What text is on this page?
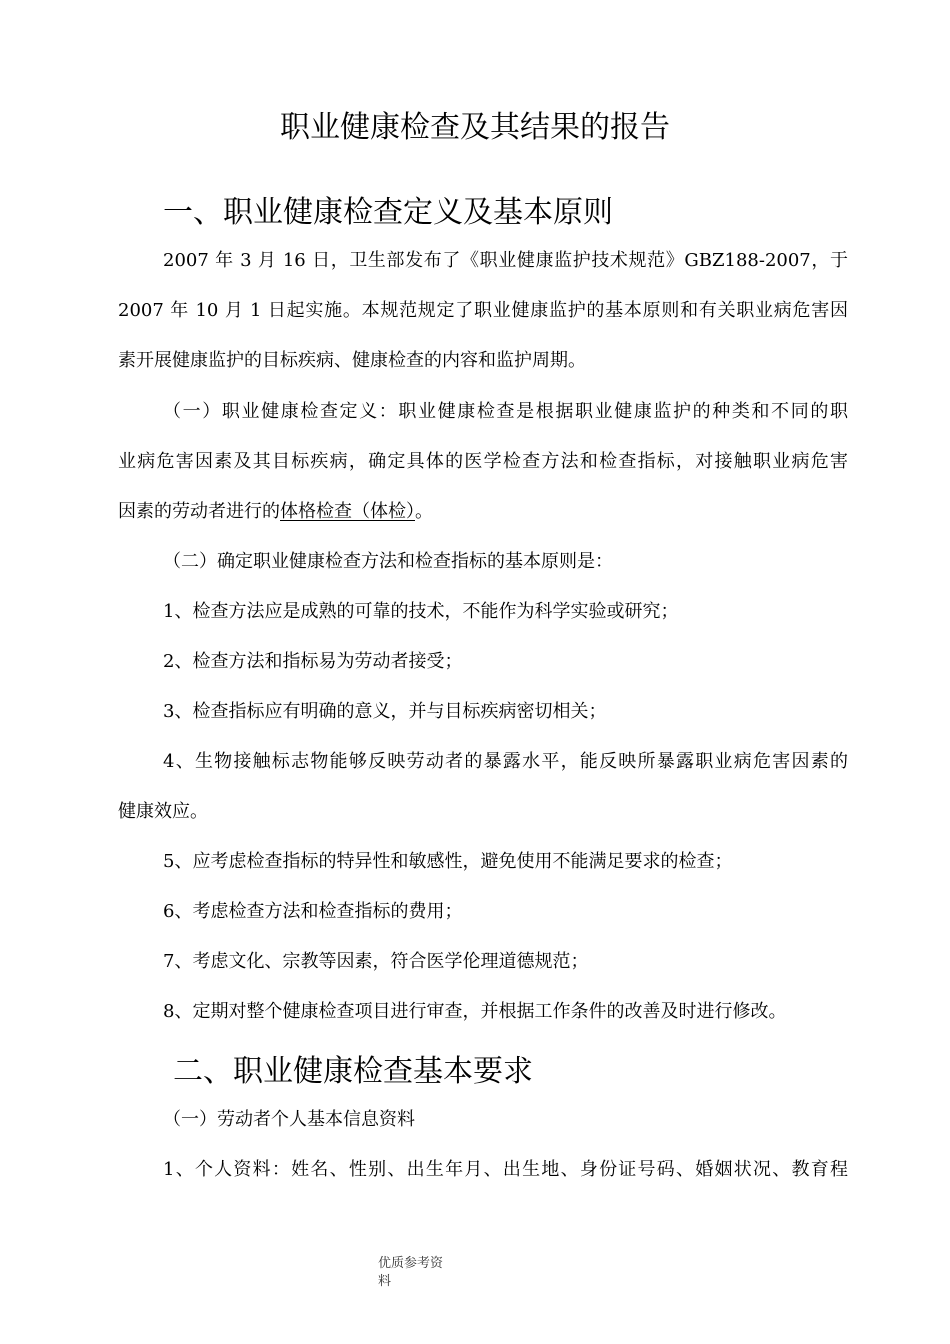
职业健康检查及其结果的报告
一、职业健康检查定义及基本原则
2007 年 3 月 16 日，卫生部发布了《职业健康监护技术规范》GBZ188-2007，于
2007 年 10 月 1 日起实施。本规范规定了职业健康监护的基本原则和有关职业病危害因
素开展健康监护的目标疾病、健康检查的内容和监护周期。
（一）职业健康检查定义：职业健康检查是根据职业健康监护的种类和不同的职
业病危害因素及其目标疾病，确定具体的医学检查方法和检查指标，对接触职业病危害
因素的劳动者进行的体格检查（体检）。
（二）确定职业健康检查方法和检查指标的基本原则是：
1、检查方法应是成熟的可靠的技术，不能作为科学实验或研究；
2、检查方法和指标易为劳动者接受；
3、检查指标应有明确的意义，并与目标疾病密切相关；
4、生物接触标志物能够反映劳动者的暴露水平，能反映所暴露职业病危害因素的
健康效应。
5、应考虑检查指标的特异性和敏感性，避免使用不能满足要求的检查；
6、考虑检查方法和检查指标的费用；
7、考虑文化、宗教等因素，符合医学伦理道德规范；
8、定期对整个健康检查项目进行审查，并根据工作条件的改善及时进行修改。
二、职业健康检查基本要求
（一）劳动者个人基本信息资料
1、个人资料：姓名、性别、出生年月、出生地、身份证号码、婚姻状况、教育程
优质参考资
料
